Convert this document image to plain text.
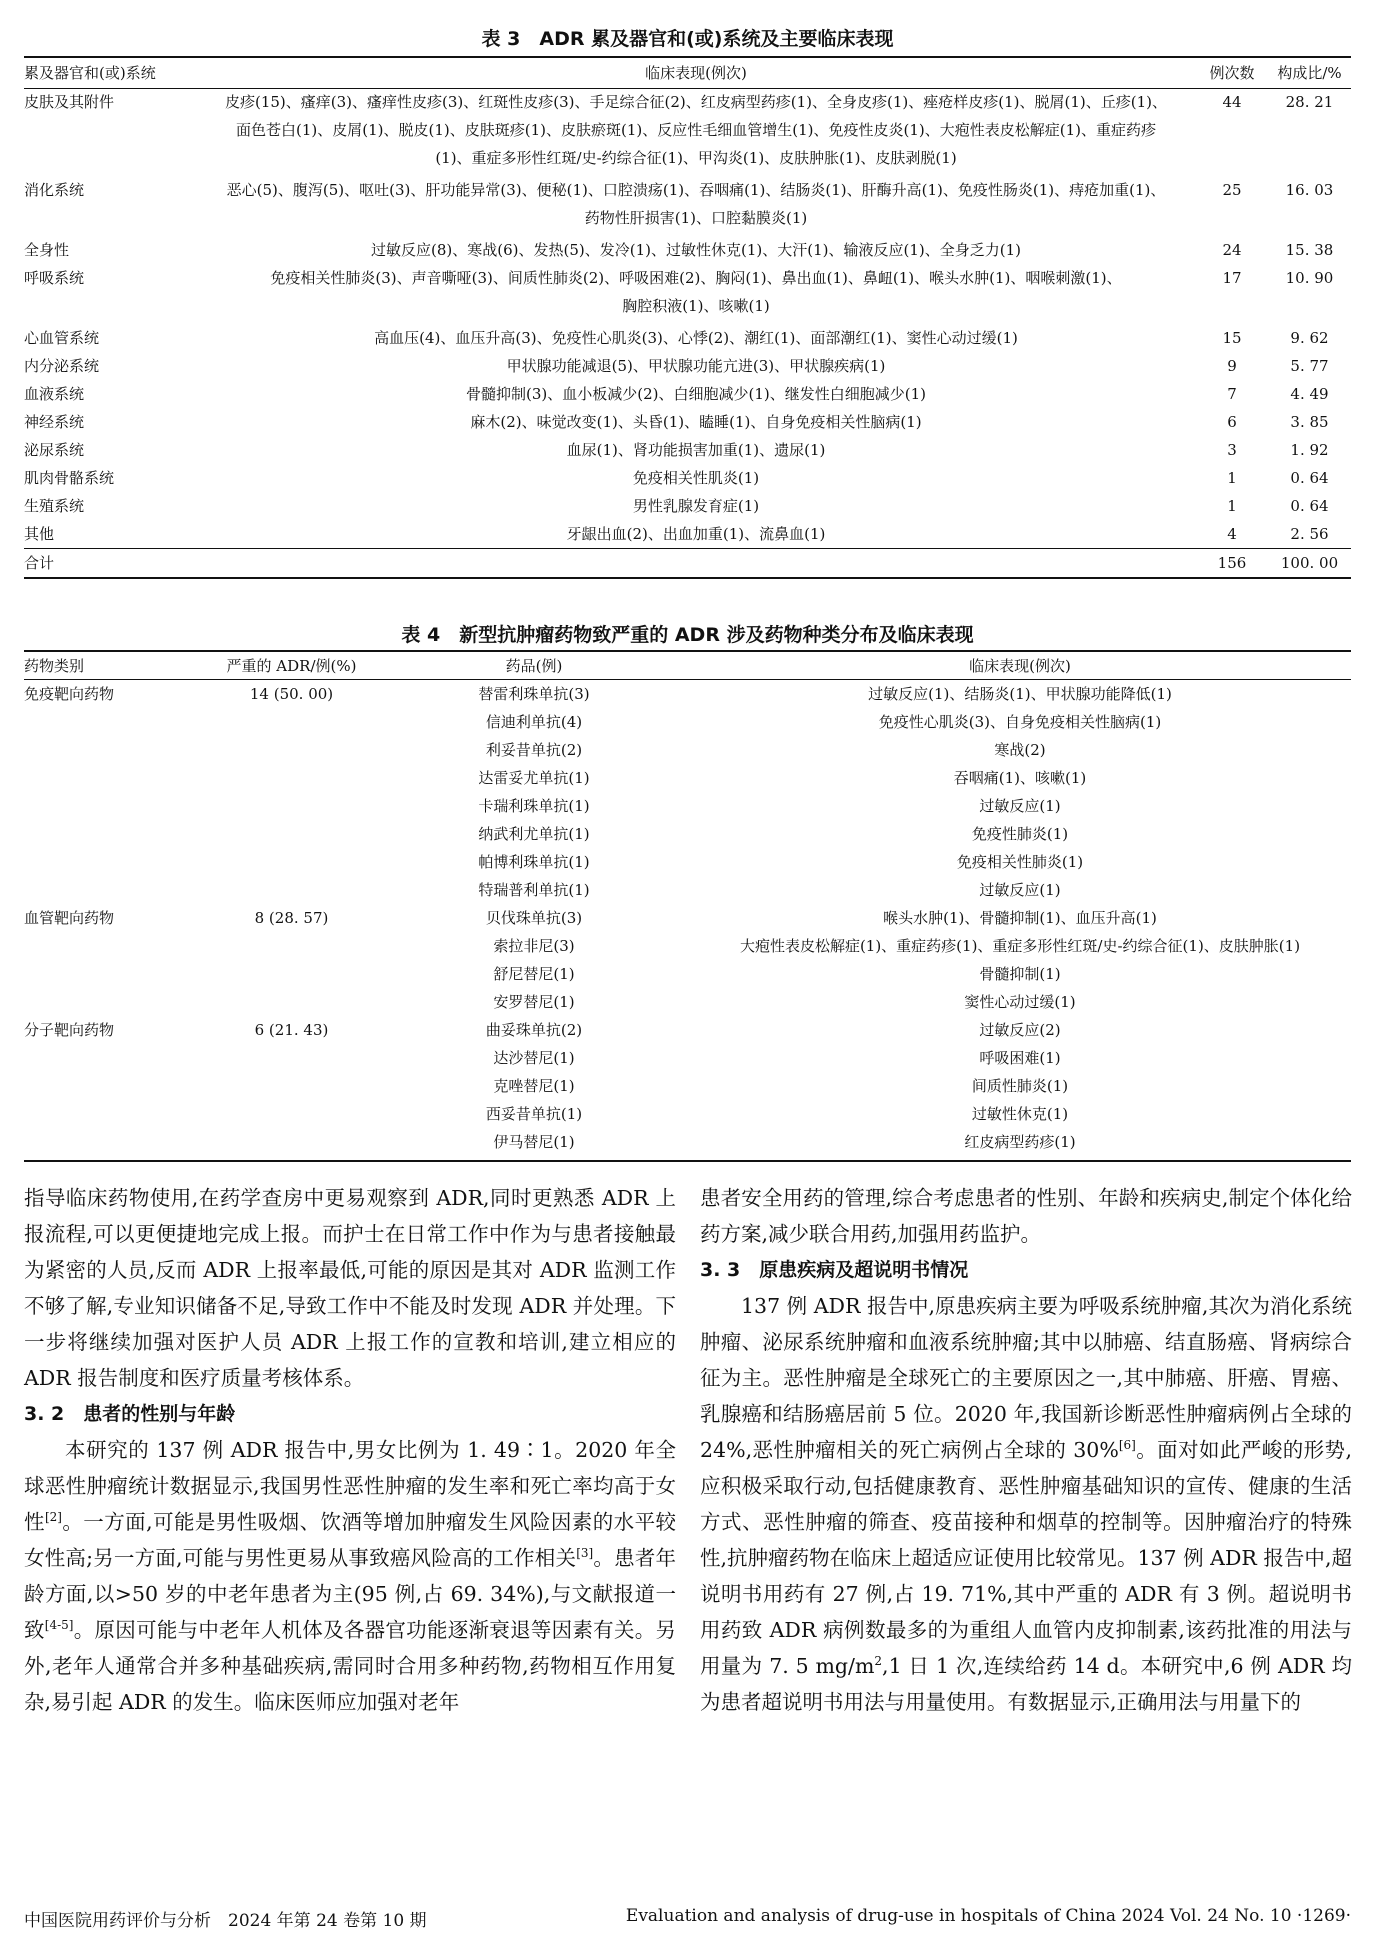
表 3　ADR 累及器官和(或)系统及主要临床表现
累及器官和(或)系统	临床表现(例次)	例次数	构成比/%
皮肤及其附件	皮疹(15)、瘙痒(3)、瘙痒性皮疹(3)、红斑性皮疹(3)、手足综合征(2)、红皮病型药疹(1)、全身皮疹(1)、痤疮样皮疹(1)、脱屑(1)、丘疹(1)、
面色苍白(1)、皮屑(1)、脱皮(1)、皮肤斑疹(1)、皮肤瘀斑(1)、反应性毛细血管增生(1)、免疫性皮炎(1)、大疱性表皮松解症(1)、重症药疹
(1)、重症多形性红斑/史-约综合征(1)、甲沟炎(1)、皮肤肿胀(1)、皮肤剥脱(1)	44	28. 21
消化系统	恶心(5)、腹泻(5)、呕吐(3)、肝功能异常(3)、便秘(1)、口腔溃疡(1)、吞咽痛(1)、结肠炎(1)、肝酶升高(1)、免疫性肠炎(1)、痔疮加重(1)、
药物性肝损害(1)、口腔黏膜炎(1)	25	16. 03
全身性	过敏反应(8)、寒战(6)、发热(5)、发冷(1)、过敏性休克(1)、大汗(1)、输液反应(1)、全身乏力(1)	24	15. 38
呼吸系统	免疫相关性肺炎(3)、声音嘶哑(3)、间质性肺炎(2)、呼吸困难(2)、胸闷(1)、鼻出血(1)、鼻衄(1)、喉头水肿(1)、咽喉刺激(1)、
胸腔积液(1)、咳嗽(1)	17	10. 90
心血管系统	高血压(4)、血压升高(3)、免疫性心肌炎(3)、心悸(2)、潮红(1)、面部潮红(1)、窦性心动过缓(1)	15	9. 62
内分泌系统	甲状腺功能减退(5)、甲状腺功能亢进(3)、甲状腺疾病(1)	9	5. 77
血液系统	骨髓抑制(3)、血小板减少(2)、白细胞减少(1)、继发性白细胞减少(1)	7	4. 49
神经系统	麻木(2)、味觉改变(1)、头昏(1)、瞌睡(1)、自身免疫相关性脑病(1)	6	3. 85
泌尿系统	血尿(1)、肾功能损害加重(1)、遗尿(1)	3	1. 92
肌肉骨骼系统	免疫相关性肌炎(1)	1	0. 64
生殖系统	男性乳腺发育症(1)	1	0. 64
其他	牙龈出血(2)、出血加重(1)、流鼻血(1)	4	2. 56
合计		156	100. 00
表 4　新型抗肿瘤药物致严重的 ADR 涉及药物种类分布及临床表现
药物类别	严重的 ADR/例(%)	药品(例)	临床表现(例次)
免疫靶向药物	14 (50. 00)	替雷利珠单抗(3)	过敏反应(1)、结肠炎(1)、甲状腺功能降低(1)
		信迪利单抗(4)	免疫性心肌炎(3)、自身免疫相关性脑病(1)
		利妥昔单抗(2)	寒战(2)
		达雷妥尤单抗(1)	吞咽痛(1)、咳嗽(1)
		卡瑞利珠单抗(1)	过敏反应(1)
		纳武利尤单抗(1)	免疫性肺炎(1)
		帕博利珠单抗(1)	免疫相关性肺炎(1)
		特瑞普利单抗(1)	过敏反应(1)
血管靶向药物	8 (28. 57)	贝伐珠单抗(3)	喉头水肿(1)、骨髓抑制(1)、血压升高(1)
		索拉非尼(3)	大疱性表皮松解症(1)、重症药疹(1)、重症多形性红斑/史-约综合征(1)、皮肤肿胀(1)
		舒尼替尼(1)	骨髓抑制(1)
		安罗替尼(1)	窦性心动过缓(1)
分子靶向药物	6 (21. 43)	曲妥珠单抗(2)	过敏反应(2)
		达沙替尼(1)	呼吸困难(1)
		克唑替尼(1)	间质性肺炎(1)
		西妥昔单抗(1)	过敏性休克(1)
		伊马替尼(1)	红皮病型药疹(1)

指导临床药物使用,在药学查房中更易观察到 ADR,同时更熟悉 ADR 上报流程,可以更便捷地完成上报。而护士在日常工作中作为与患者接触最为紧密的人员,反而 ADR 上报率最低,可能的原因是其对 ADR 监测工作不够了解,专业知识储备不足,导致工作中不能及时发现 ADR 并处理。下一步将继续加强对医护人员 ADR 上报工作的宣教和培训,建立相应的 ADR 报告制度和医疗质量考核体系。

3. 2　患者的性别与年龄

本研究的 137 例 ADR 报告中,男女比例为 1. 49∶1。2020 年全球恶性肿瘤统计数据显示,我国男性恶性肿瘤的发生率和死亡率均高于女性[2]。一方面,可能是男性吸烟、饮酒等增加肿瘤发生风险因素的水平较女性高;另一方面,可能与男性更易从事致癌风险高的工作相关[3]。患者年龄方面,以>50 岁的中老年患者为主(95 例,占 69. 34%),与文献报道一致[4-5]。原因可能与中老年人机体及各器官功能逐渐衰退等因素有关。另外,老年人通常合并多种基础疾病,需同时合用多种药物,药物相互作用复杂,易引起 ADR 的发生。临床医师应加强对老年

患者安全用药的管理,综合考虑患者的性别、年龄和疾病史,制定个体化给药方案,减少联合用药,加强用药监护。

3. 3　原患疾病及超说明书情况

137 例 ADR 报告中,原患疾病主要为呼吸系统肿瘤,其次为消化系统肿瘤、泌尿系统肿瘤和血液系统肿瘤;其中以肺癌、结直肠癌、肾病综合征为主。恶性肿瘤是全球死亡的主要原因之一,其中肺癌、肝癌、胃癌、乳腺癌和结肠癌居前 5 位。2020 年,我国新诊断恶性肿瘤病例占全球的 24%,恶性肿瘤相关的死亡病例占全球的 30%[6]。面对如此严峻的形势,应积极采取行动,包括健康教育、恶性肿瘤基础知识的宣传、健康的生活方式、恶性肿瘤的筛查、疫苗接种和烟草的控制等。因肿瘤治疗的特殊性,抗肿瘤药物在临床上超适应证使用比较常见。137 例 ADR 报告中,超说明书用药有 27 例,占 19. 71%,其中严重的 ADR 有 3 例。超说明书用药致 ADR 病例数最多的为重组人血管内皮抑制素,该药批准的用法与用量为 7. 5 $mg/m^2,1$ 日 1 次,连续给药 14 d。本研究中,6 例 ADR 均为患者超说明书用法与用量使用。有数据显示,正确用法与用量下的

中国医院用药评价与分析　2024 年第 24 卷第 10 期	Evaluation and analysis of drug-use in hospitals of China 2024 Vol. 24 No. 10 ·1269·
